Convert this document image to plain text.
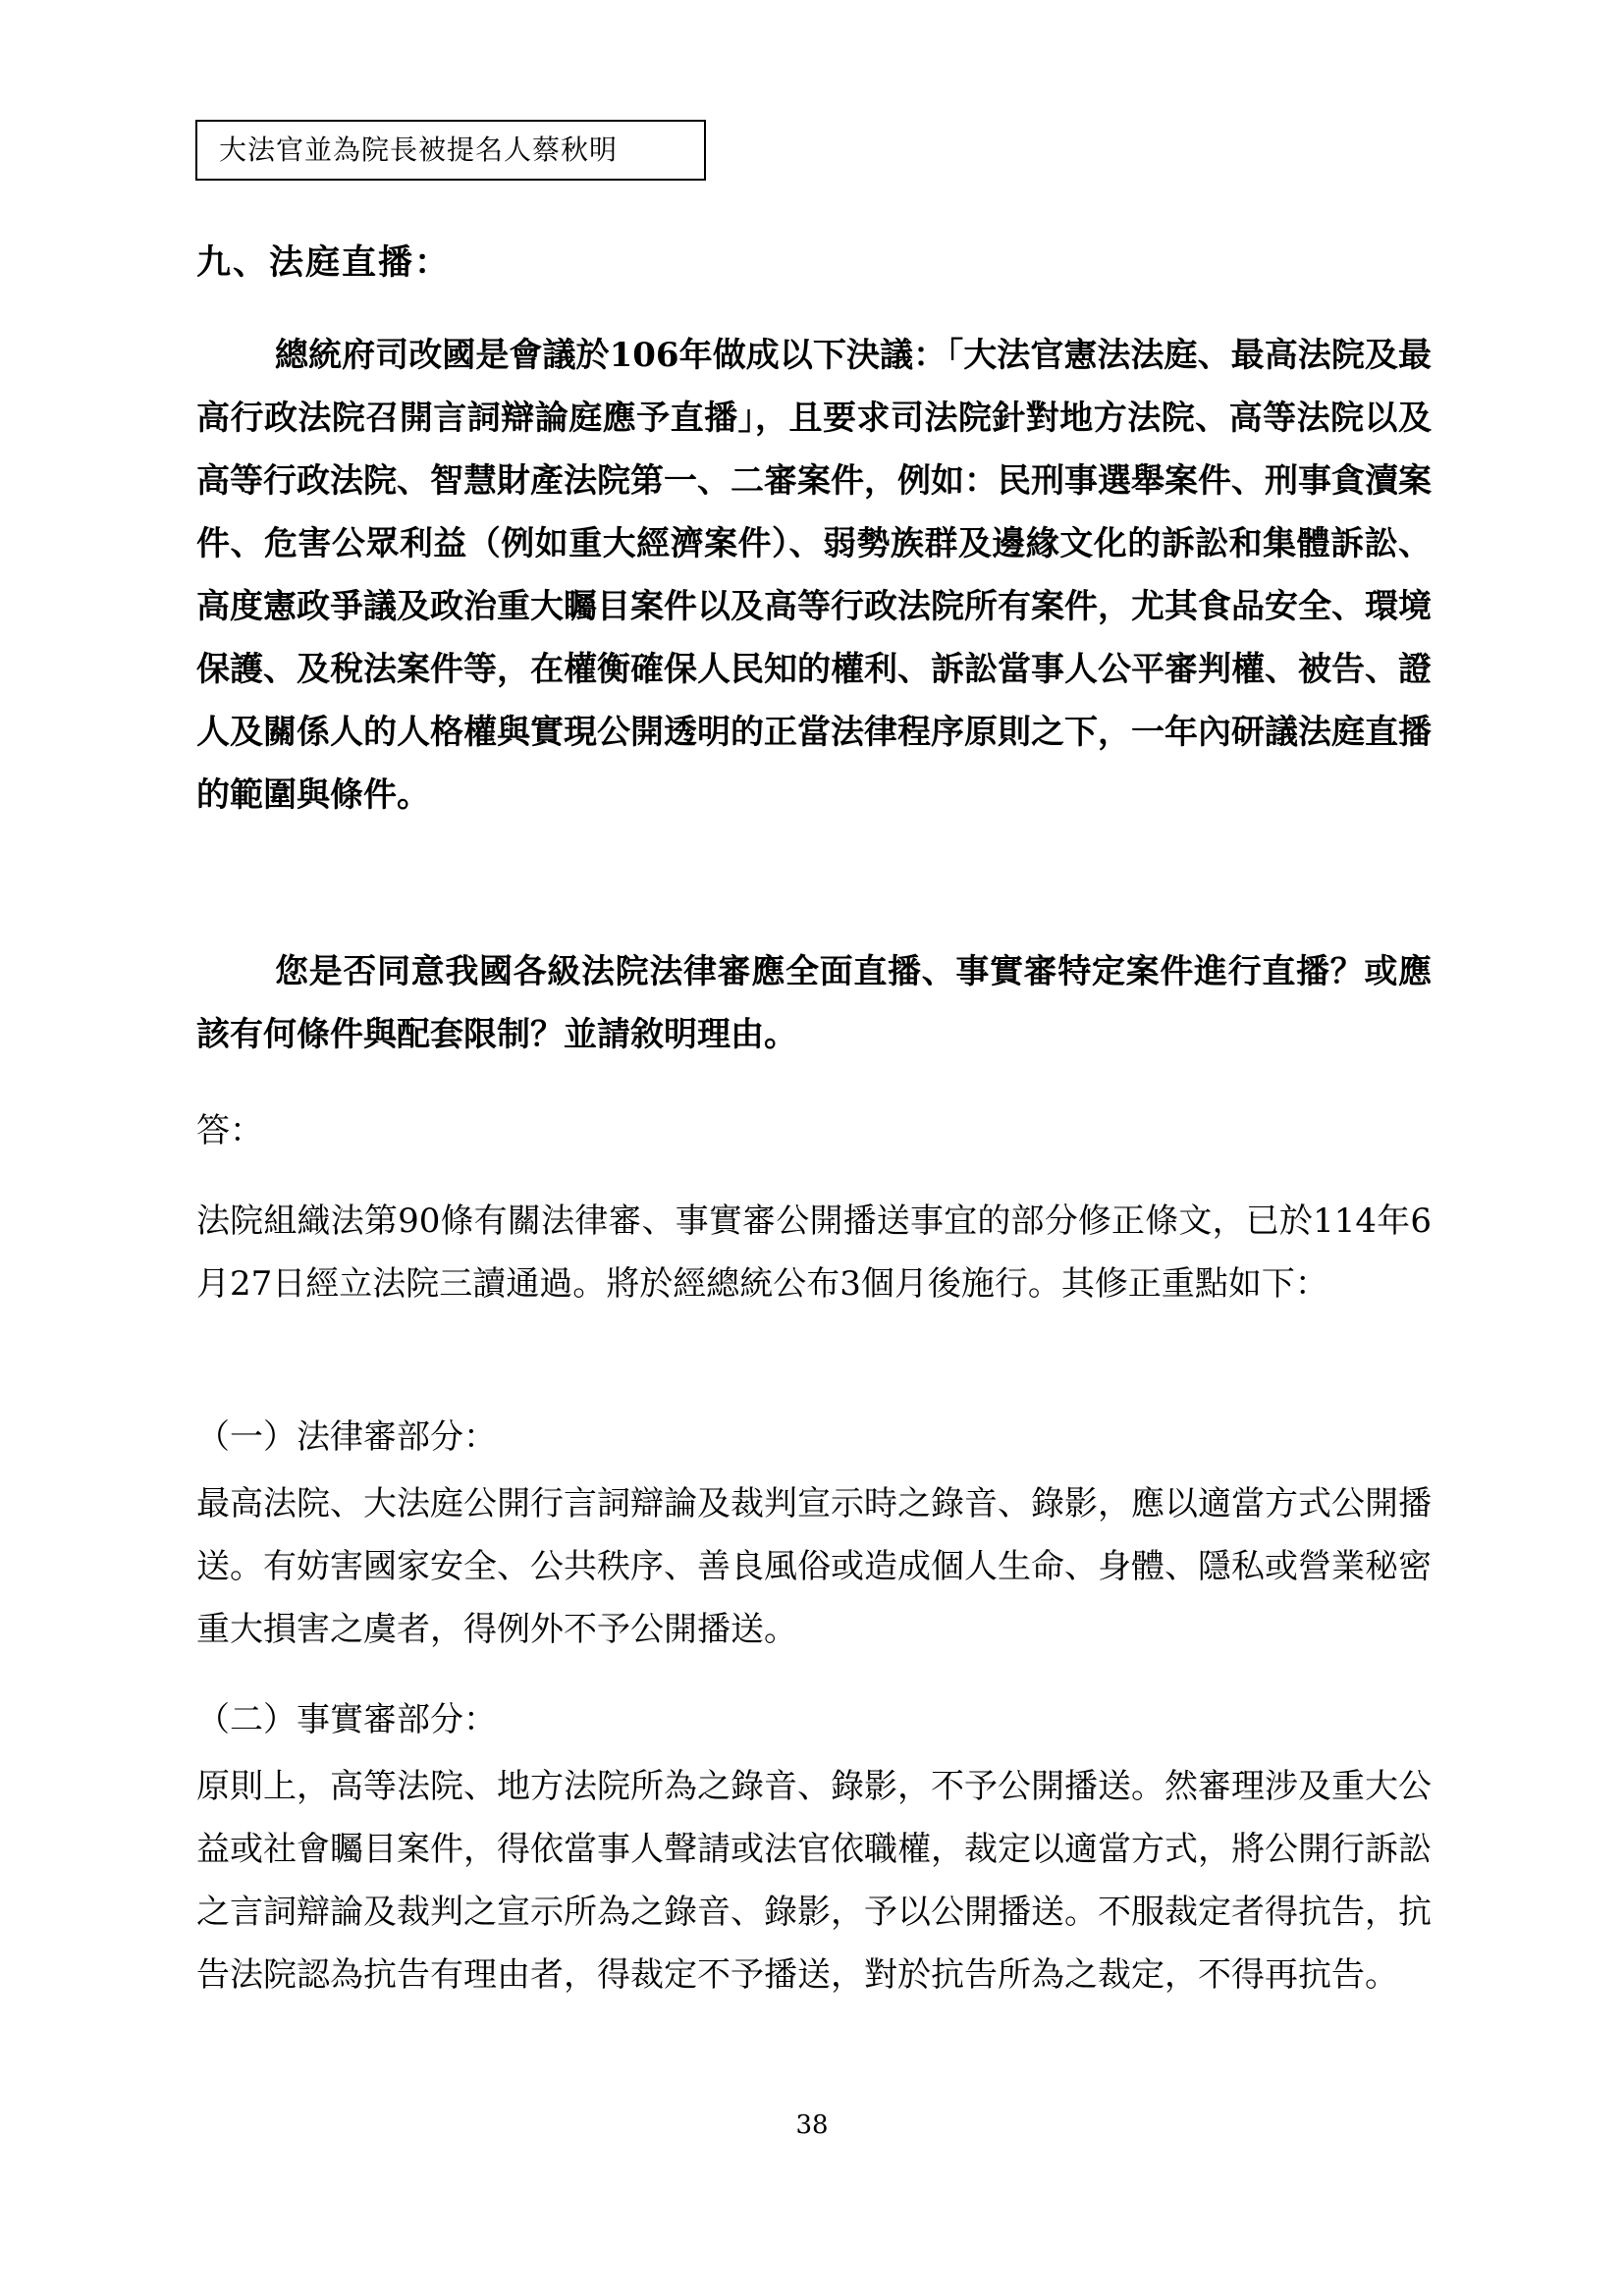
大法官並為院長被提名人蔡秋明
九、法庭直播：

總統府司改國是會議於106年做成以下決議：「大法官憲法法庭、最高法院及最高行政法院召開言詞辯論庭應予直播」，且要求司法院針對地方法院、高等法院以及高等行政法院、智慧財產法院第一、二審案件，例如：民刑事選舉案件、刑事貪瀆案件、危害公眾利益（例如重大經濟案件）、弱勢族群及邊緣文化的訴訟和集體訴訟、高度憲政爭議及政治重大矚目案件以及高等行政法院所有案件，尤其食品安全、環境保護、及稅法案件等，在權衡確保人民知的權利、訴訟當事人公平審判權、被告、證人及關係人的人格權與實現公開透明的正當法律程序原則之下，一年內研議法庭直播的範圍與條件。

您是否同意我國各級法院法律審應全面直播、事實審特定案件進行直播？或應該有何條件與配套限制？並請敘明理由。

答：

法院組織法第90條有關法律審、事實審公開播送事宜的部分修正條文，已於114年6月27日經立法院三讀通過。將於經總統公布3個月後施行。其修正重點如下：

（一）法律審部分：

最高法院、大法庭公開行言詞辯論及裁判宣示時之錄音、錄影，應以適當方式公開播送。有妨害國家安全、公共秩序、善良風俗或造成個人生命、身體、隱私或營業秘密重大損害之虞者，得例外不予公開播送。

（二）事實審部分：

原則上，高等法院、地方法院所為之錄音、錄影，不予公開播送。然審理涉及重大公益或社會矚目案件，得依當事人聲請或法官依職權，裁定以適當方式，將公開行訴訟之言詞辯論及裁判之宣示所為之錄音、錄影，予以公開播送。不服裁定者得抗告，抗告法院認為抗告有理由者，得裁定不予播送，對於抗告所為之裁定，不得再抗告。

38
